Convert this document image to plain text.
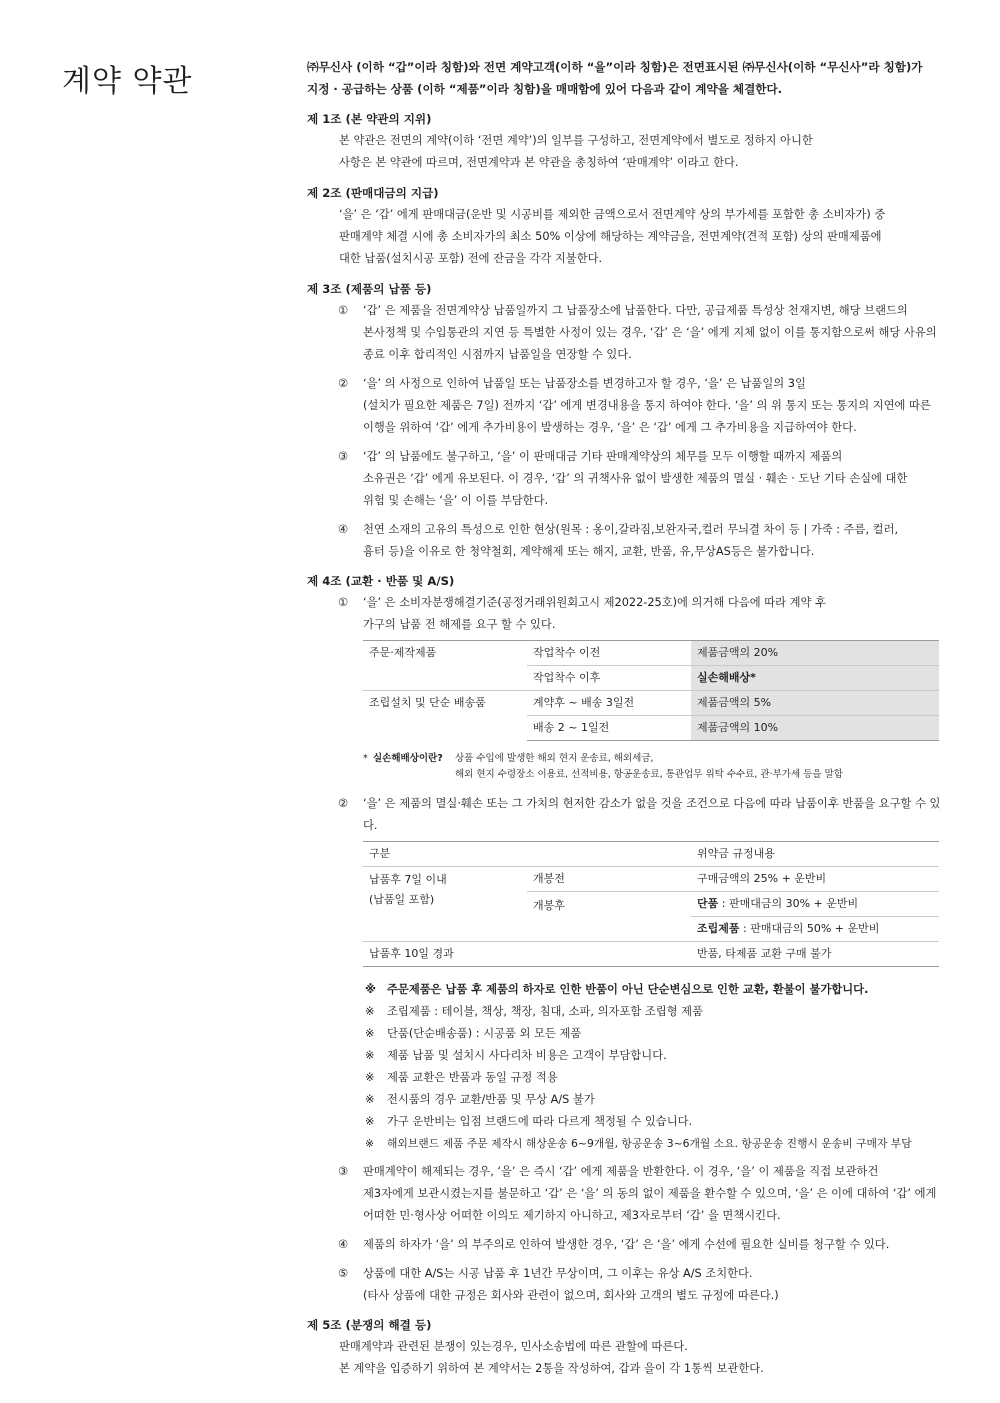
계약 약관	㈜무신사 (이하 “갑”이라 칭함)와 전면 계약고객(이하 “을”이라 칭함)은 전면표시된 ㈜무신사(이하 “무신사”라 칭함)가
지정 · 공급하는 상품 (이하 “제품”이라 칭함)을 매매함에 있어 다음과 같이 계약을 체결한다.

제 1조 (본 약관의 지위)

본 약관은 전면의 계약(이하 ‘전면 계약’)의 일부를 구성하고, 전면계약에서 별도로 정하지 아니한
사항은 본 약관에 따르며, 전면계약과 본 약관을 총칭하여 ‘판매계약’ 이라고 한다.

제 2조 (판매대금의 지급)

‘을’ 은 ‘갑’ 에게 판매대금(운반 및 시공비를 제외한 금액으로서 전면계약 상의 부가세를 포함한 총 소비자가) 중
판매계약 체결 시에 총 소비자가의 최소 50% 이상에 해당하는 계약금을, 전면계약(견적 포함) 상의 판매제품에
대한 납품(설치시공 포함) 전에 잔금을 각각 지불한다.

제 3조 (제품의 납품 등)

① ‘갑’ 은 제품을 전면계약상 납품일까지 그 납품장소에 납품한다. 다만, 공급제품 특성상 천재지변, 해당 브랜드의
본사정책 및 수입통관의 지연 등 특별한 사정이 있는 경우, ‘갑’ 은 ‘을’ 에게 지체 없이 이를 통지함으로써 해당 사유의
종료 이후 합리적인 시점까지 납품일을 연장할 수 있다.
② ‘을’ 의 사정으로 인하여 납품일 또는 납품장소를 변경하고자 할 경우, ‘을’ 은 납품일의 3일
(설치가 필요한 제품은 7일) 전까지 ‘갑’ 에게 변경내용을 통지 하여야 한다. ‘을’ 의 위 통지 또는 통지의 지연에 따른
이행을 위하여 ‘갑’ 에게 추가비용이 발생하는 경우, ‘을’ 은 ‘갑’ 에게 그 추가비용을 지급하여야 한다.
③ ‘갑’ 의 납품에도 불구하고, ‘을’ 이 판매대금 기타 판매계약상의 체무를 모두 이행할 때까지 제품의
소유권은 ‘갑’ 에게 유보된다. 이 경우, ‘갑’ 의 귀책사유 없이 발생한 제품의 멸실 · 훼손 · 도난 기타 손실에 대한
위험 및 손해는 ‘을’ 이 이를 부담한다.
④ 천연 소재의 고유의 특성으로 인한 현상(원목 : 옹이,갈라짐,보완자국,컬러 무늬결 차이 등 | 가죽 : 주름, 컬러,
흉터 등)을 이유로 한 청약철회, 계약해제 또는 해지, 교환, 반품, 유,무상AS등은 불가합니다.

제 4조 (교환 · 반품 및 A/S)

① ‘을’ 은 소비자분쟁해결기준(공정거래위원회고시 제2022-25호)에 의거해 다음에 따라 계약 후
가구의 납품 전 해제를 요구 할 수 있다.
주문·제작제품	작업착수 이전	제품금액의 20%
	작업착수 이후	실손해배상*
조립설치 및 단순 배송품	계약후 ~ 배송 3일전	제품금액의 5%
	배송 2 ~ 1일전	제품금액의 10%
* 실손해배상이란? 상품 수입에 발생한 해외 현지 운송료, 해외세금,
해외 현지 수령장소 이용료, 선적비용, 항공운송료, 통관업무 위탁 수수료, 관·부가세 등을 말함
② ‘을’ 은 제품의 멸실·훼손 또는 그 가치의 현저한 감소가 없을 것을 조건으로 다음에 따라 납품이후 반품을 요구할 수 있다.
구분		위약금 규정내용
납품후 7일 이내
(납품일 포함)	개봉전	구매금액의 25% + 운반비
	개봉후	단품 : 판매대금의 30% + 운반비
		조립제품 : 판매대금의 50% + 운반비
납품후 10일 경과		반품, 타제품 교환 구매 불가

※ 주문제품은 납품 후 제품의 하자로 인한 반품이 아닌 단순변심으로 인한 교환, 환불이 불가합니다.

※ 조립제품 : 테이블, 책상, 책장, 침대, 소파, 의자포함 조립형 제품

※ 단품(단순배송품) : 시공품 외 모든 제품

※ 제품 납품 및 설치시 사다리차 비용은 고객이 부담합니다.

※ 제품 교환은 반품과 동일 규정 적용

※ 전시품의 경우 교환/반품 및 무상 A/S 불가

※ 가구 운반비는 입점 브랜드에 따라 다르게 책정될 수 있습니다.

※ 해외브랜드 제품 주문 제작시 해상운송 6~9개월, 항공운송 3~6개월 소요. 항공운송 진행시 운송비 구매자 부담

③ 판매계약이 해제되는 경우, ‘을’ 은 즉시 ‘갑’ 에게 제품을 반환한다. 이 경우, ‘을’ 이 제품을 직접 보관하건
제3자에게 보관시켰는지를 불문하고 ‘갑’ 은 ‘을’ 의 동의 없이 제품을 환수할 수 있으며, ‘을’ 은 이에 대하여 ‘갑’ 에게
어떠한 민·형사상 어떠한 이의도 제기하지 아니하고, 제3자로부터 ‘갑’ 을 면책시킨다.
④ 제품의 하자가 ‘을’ 의 부주의로 인하여 발생한 경우, ‘갑’ 은 ‘을’ 에게 수선에 필요한 실비를 청구할 수 있다.
⑤ 상품에 대한 A/S는 시공 납품 후 1년간 무상이며, 그 이후는 유상 A/S 조치한다.
(타사 상품에 대한 규정은 회사와 관련이 없으며, 회사와 고객의 별도 규정에 따른다.)

제 5조 (분쟁의 해결 등)

판매계약과 관련된 분쟁이 있는경우, 민사소송법에 따른 관할에 따른다.
본 계약을 입증하기 위하여 본 계약서는 2통을 작성하여, 갑과 을이 각 1통씩 보관한다.
